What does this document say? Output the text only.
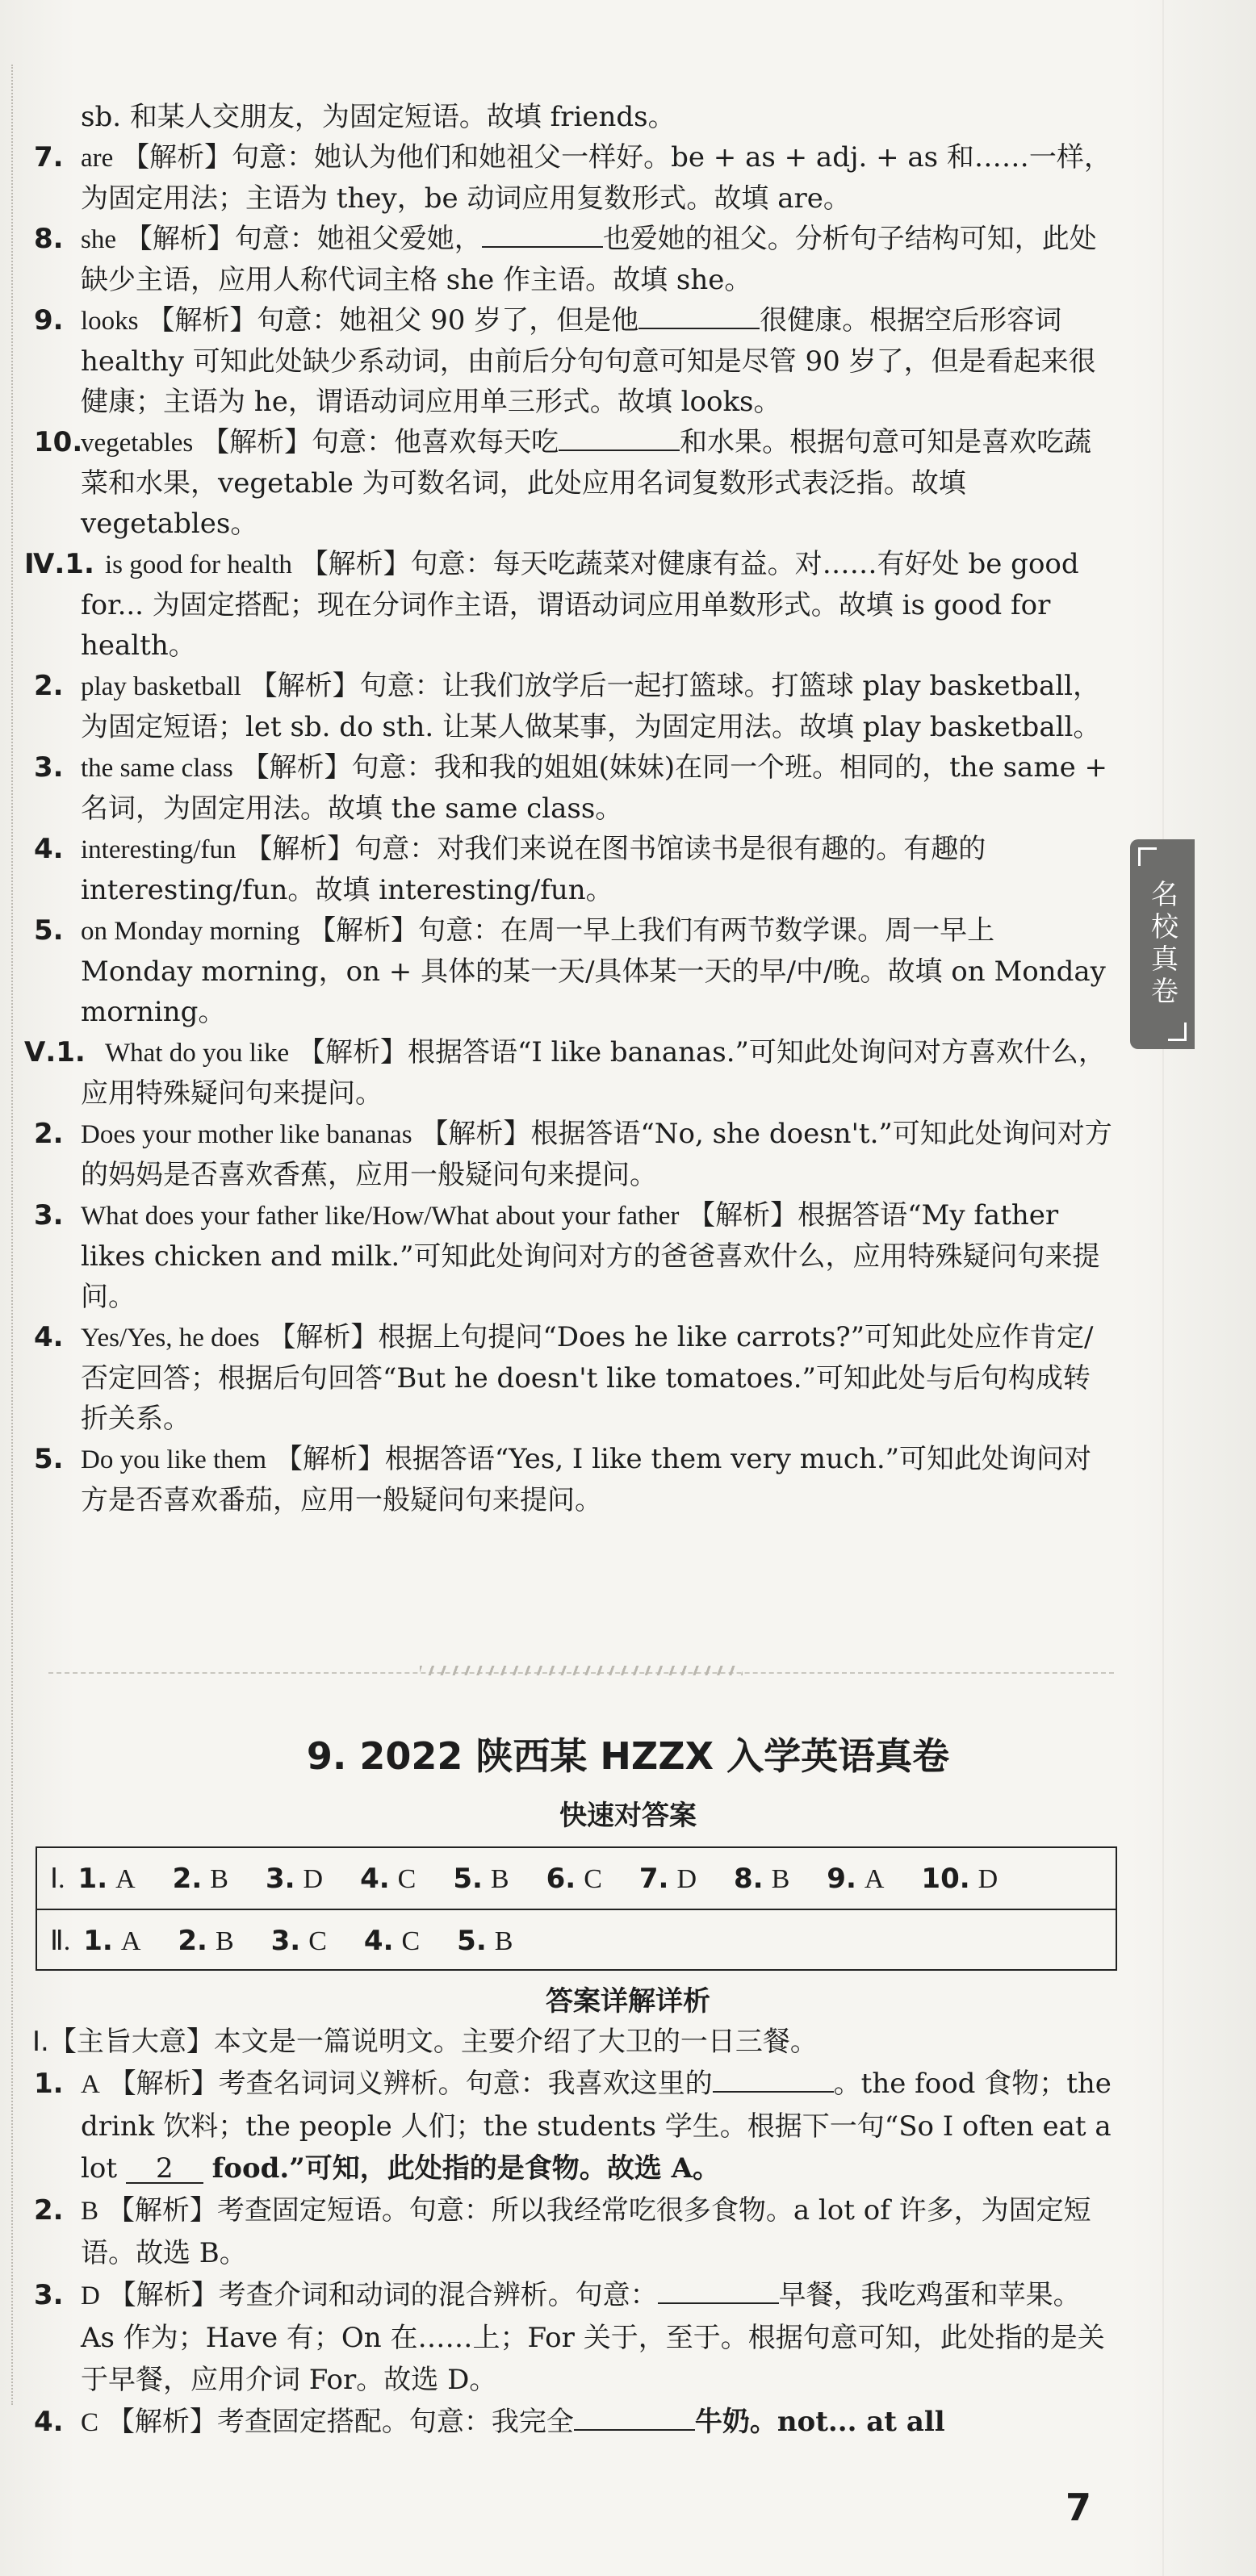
sb. 和某人交朋友，为固定短语。故填 friends。

7. are 【解析】句意：她认为他们和她祖父一样好。be + as + adj. + as 和……一样，为固定用法；主语为 they，be 动词应用复数形式。故填 are。

8. she 【解析】句意：她祖父爱她，	也爱她的祖父。分析句子结构可知，此处缺少主语，应用人称代词主格 she 作主语。故填 she。

9. looks 【解析】句意：她祖父 90 岁了，但是他	很健康。根据空后形容词 healthy 可知此处缺少系动词，由前后分句句意可知是尽管 90 岁了，但是看起来很健康；主语为 he，谓语动词应用单三形式。故填 looks。

10.
vegetables 【解析】句意：他喜欢每天吃	和水果。根据句意可知是喜欢吃蔬菜和水果，vegetable 为可数名词，此处应用名词复数形式表泛指。故填 vegetables。

Ⅳ.1. is good for health 【解析】句意：每天吃蔬菜对健康有益。对……有好处 be good for... 为固定搭配；现在分词作主语，谓语动词应用单数形式。故填 is good for health。

2. play basketball 【解析】句意：让我们放学后一起打篮球。打篮球 play basketball，为固定短语；let sb. do sth. 让某人做某事，为固定用法。故填 play basketball。

3. the same class 【解析】句意：我和我的姐姐(妹妹)在同一个班。相同的，the same + 名词，为固定用法。故填 the same class。

4. interesting/fun 【解析】句意：对我们来说在图书馆读书是很有趣的。有趣的 interesting/fun。故填 interesting/fun。

5. on Monday morning 【解析】句意：在周一早上我们有两节数学课。周一早上 Monday morning，on + 具体的某一天/具体某一天的早/中/晚。故填 on Monday morning。

Ⅴ.1. What do you like 【解析】根据答语“I like bananas.”可知此处询问对方喜欢什么，应用特殊疑问句来提问。

2. Does your mother like bananas 【解析】根据答语“No, she doesn't.”可知此处询问对方的妈妈是否喜欢香蕉，应用一般疑问句来提问。

3. What does your father like/How/What about your father 【解析】根据答语“My father likes chicken and milk.”可知此处询问对方的爸爸喜欢什么，应用特殊疑问句来提问。

4. Yes/Yes, he does 【解析】根据上句提问“Does he like carrots?”可知此处应作肯定/否定回答；根据后句回答“But he doesn't like tomatoes.”可知此处与后句构成转折关系。

5. Do you like them 【解析】根据答语“Yes, I like them very much.”可知此处询问对方是否喜欢番茄，应用一般疑问句来提问。

名校真卷
9. 2022 陕西某 HZZX 入学英语真卷
快速对答案
Ⅰ. 1. A 2. B 3. D 4. C 5. B 6. C 7. D 8. B 9. A 10. D
Ⅱ. 1. A 2. B 3. C 4. C 5. B
答案详解详析

Ⅰ.【主旨大意】本文是一篇说明文。主要介绍了大卫的一日三餐。

1. A 【解析】考查名词词义辨析。句意：我喜欢这里的	。the food 食物；the drink 饮料；the people 人们；the students 学生。根据下一句“So I often eat a lot 2 food.”可知，此处指的是食物。故选 A。

2. B 【解析】考查固定短语。句意：所以我经常吃很多食物。a lot of 许多，为固定短语。故选 B。

3. D 【解析】考查介词和动词的混合辨析。句意：	早餐，我吃鸡蛋和苹果。As 作为；Have 有；On 在……上；For 关于，至于。根据句意可知，此处指的是关于早餐，应用介词 For。故选 D。

4. C 【解析】考查固定搭配。句意：我完全	牛奶。not... at all

7
